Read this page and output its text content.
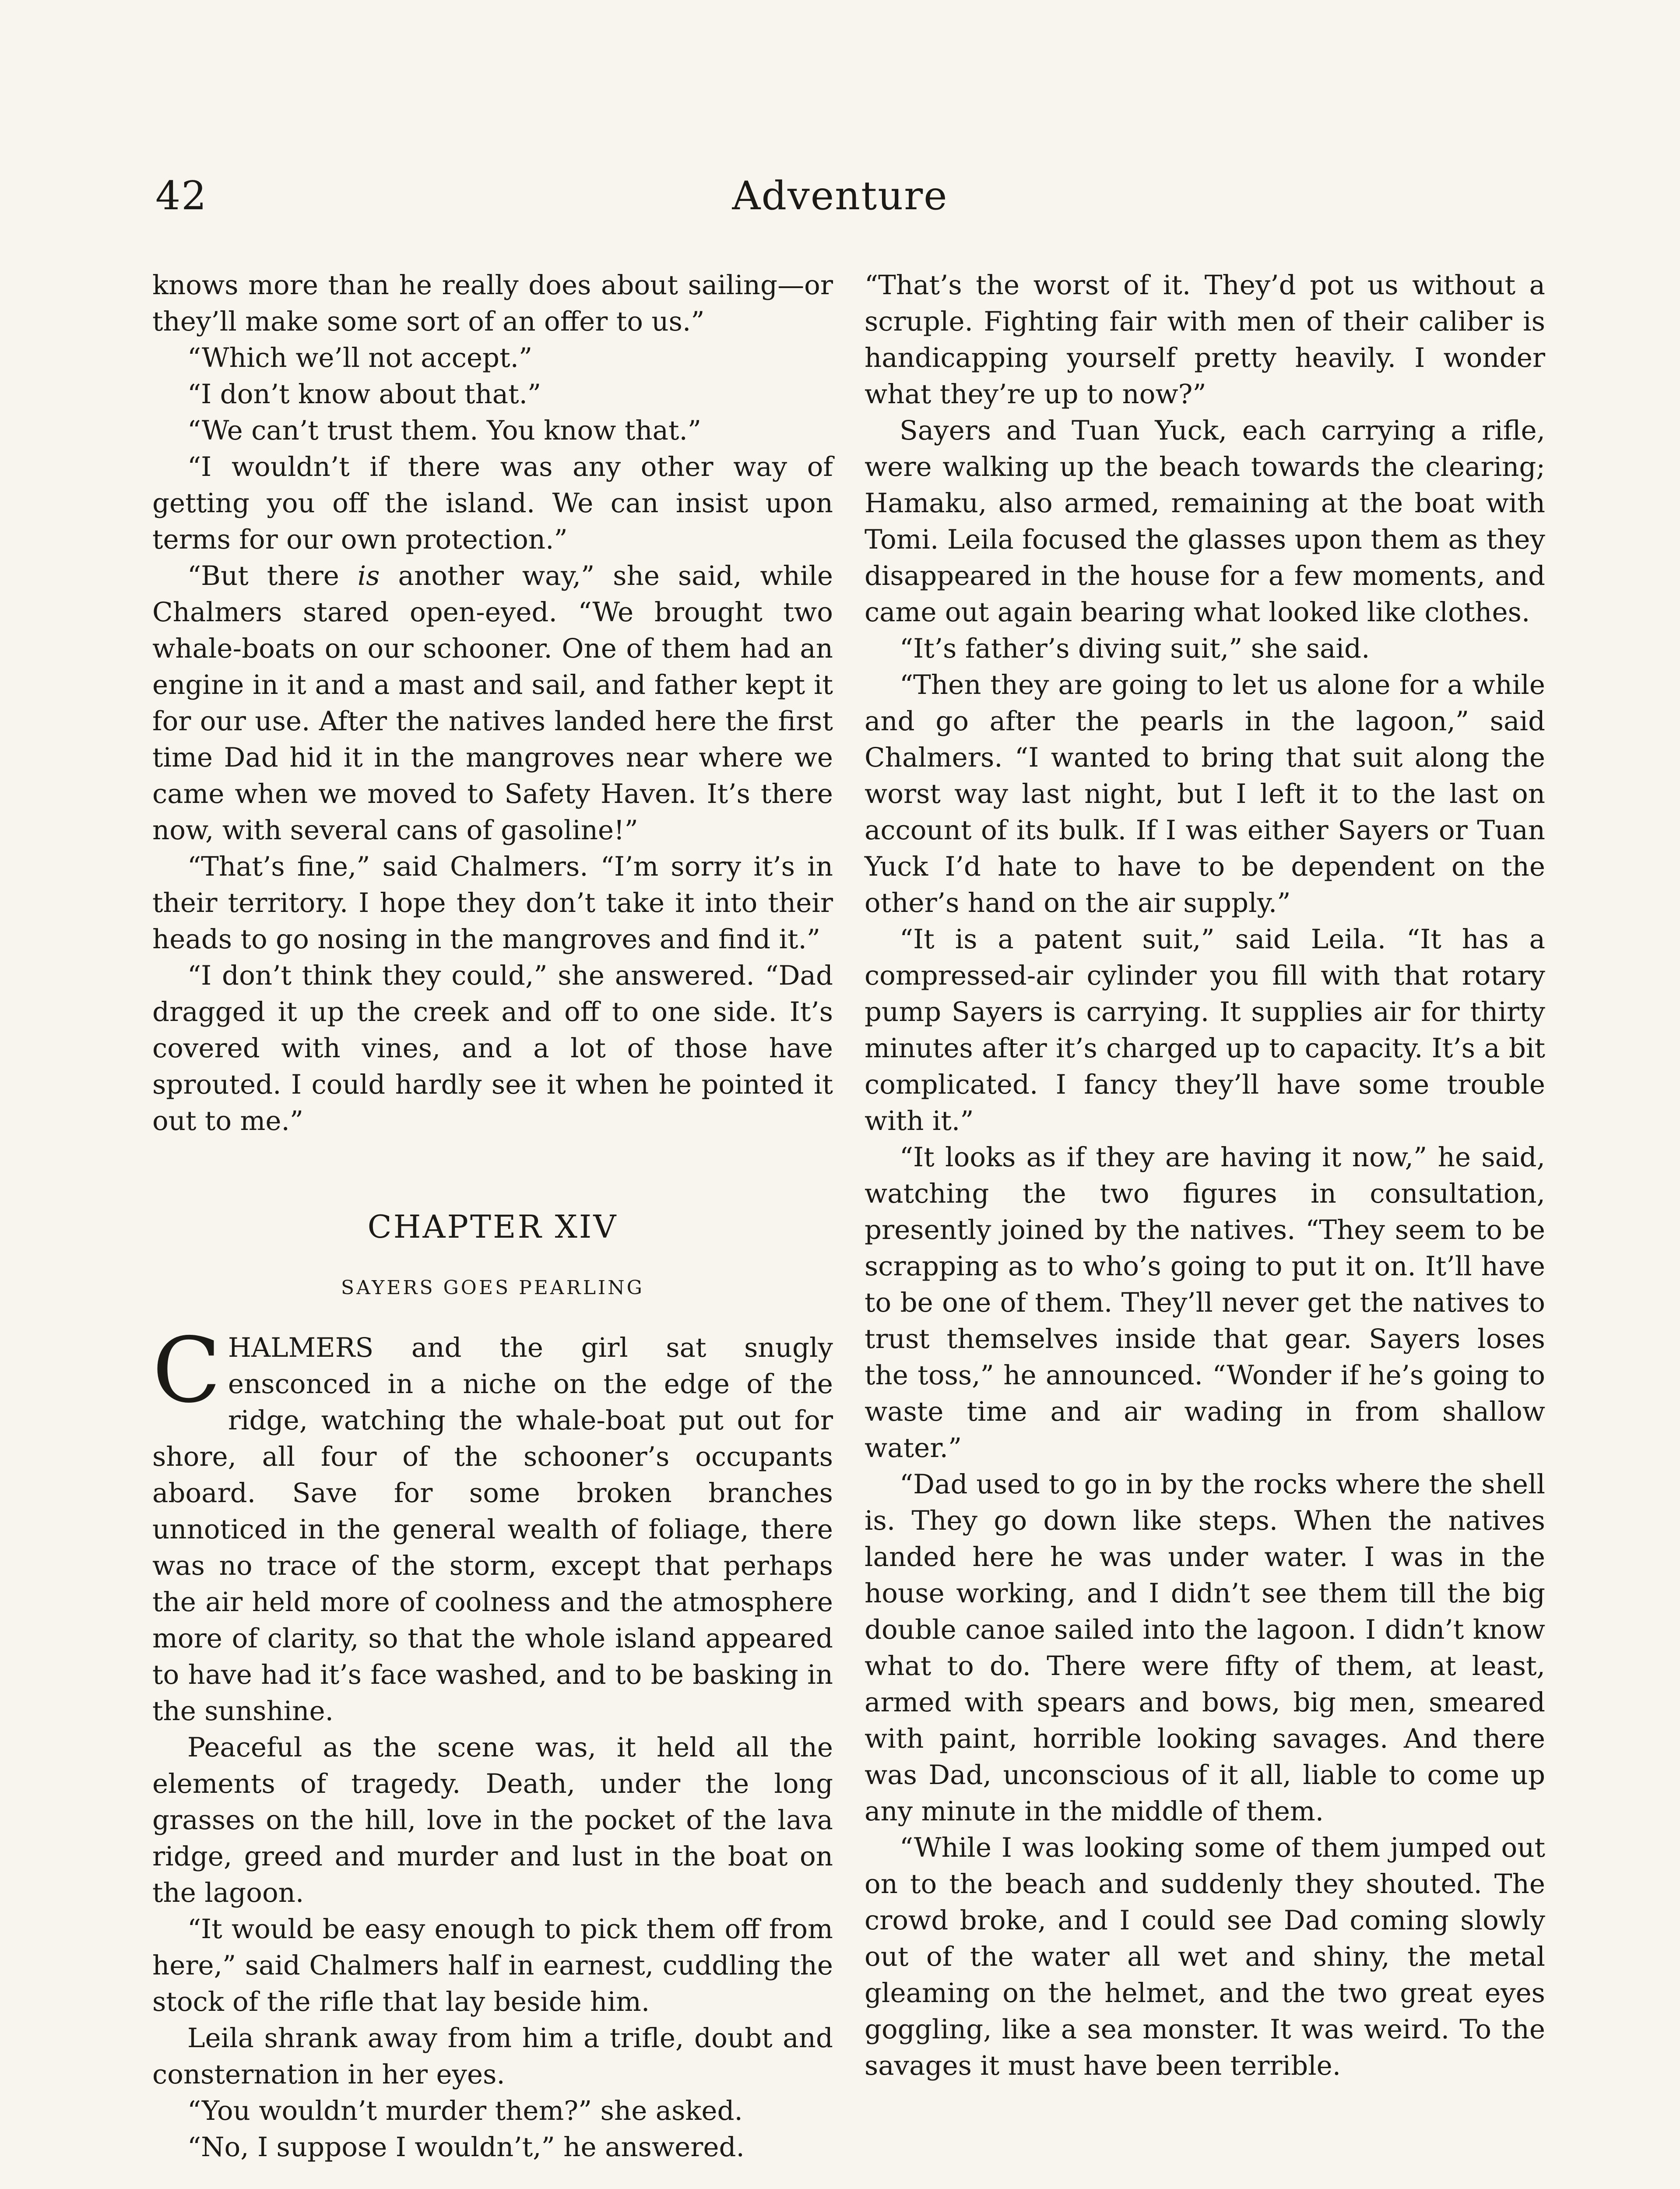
42	Adventure

knows more than he really does about sailing—or they’ll make some sort of an offer to us.”

“Which we’ll not accept.”

“I don’t know about that.”

“We can’t trust them. You know that.”

“I wouldn’t if there was any other way of getting you off the island. We can insist upon terms for our own protection.”

“But there is another way,” she said, while Chalmers stared open-eyed. “We brought two whale-boats on our schooner. One of them had an engine in it and a mast and sail, and father kept it for our use. After the natives landed here the first time Dad hid it in the mangroves near where we came when we moved to Safety Haven. It’s there now, with several cans of gasoline!”

“That’s fine,” said Chalmers. “I’m sorry it’s in their territory. I hope they don’t take it into their heads to go nosing in the mangroves and find it.”

“I don’t think they could,” she answered. “Dad dragged it up the creek and off to one side. It’s covered with vines, and a lot of those have sprouted. I could hardly see it when he pointed it out to me.”

CHAPTER XIV
SAYERS GOES PEARLING

CHALMERS and the girl sat snugly ensconced in a niche on the edge of the ridge, watching the whale-boat put out for shore, all four of the schooner’s occupants aboard. Save for some broken branches unnoticed in the general wealth of foliage, there was no trace of the storm, except that perhaps the air held more of coolness and the atmosphere more of clarity, so that the whole island appeared to have had it’s face washed, and to be basking in the sunshine.

Peaceful as the scene was, it held all the elements of tragedy. Death, under the long grasses on the hill, love in the pocket of the lava ridge, greed and murder and lust in the boat on the lagoon.

“It would be easy enough to pick them off from here,” said Chalmers half in earnest, cuddling the stock of the rifle that lay beside him.

Leila shrank away from him a trifle, doubt and consternation in her eyes.

“You wouldn’t murder them?” she asked.

“No, I suppose I wouldn’t,” he answered.

“That’s the worst of it. They’d pot us without a scruple. Fighting fair with men of their caliber is handicapping yourself pretty heavily. I wonder what they’re up to now?”

Sayers and Tuan Yuck, each carrying a rifle, were walking up the beach towards the clearing; Hamaku, also armed, remaining at the boat with Tomi. Leila focused the glasses upon them as they disappeared in the house for a few moments, and came out again bearing what looked like clothes.

“It’s father’s diving suit,” she said.

“Then they are going to let us alone for a while and go after the pearls in the lagoon,” said Chalmers. “I wanted to bring that suit along the worst way last night, but I left it to the last on account of its bulk. If I was either Sayers or Tuan Yuck I’d hate to have to be dependent on the other’s hand on the air supply.”

“It is a patent suit,” said Leila. “It has a compressed-air cylinder you fill with that rotary pump Sayers is carrying. It supplies air for thirty minutes after it’s charged up to capacity. It’s a bit complicated. I fancy they’ll have some trouble with it.”

“It looks as if they are having it now,” he said, watching the two figures in consultation, presently joined by the natives. “They seem to be scrapping as to who’s going to put it on. It’ll have to be one of them. They’ll never get the natives to trust themselves inside that gear. Sayers loses the toss,” he announced. “Wonder if he’s going to waste time and air wading in from shallow water.”

“Dad used to go in by the rocks where the shell is. They go down like steps. When the natives landed here he was under water. I was in the house working, and I didn’t see them till the big double canoe sailed into the lagoon. I didn’t know what to do. There were fifty of them, at least, armed with spears and bows, big men, smeared with paint, horrible looking savages. And there was Dad, unconscious of it all, liable to come up any minute in the middle of them.

“While I was looking some of them jumped out on to the beach and suddenly they shouted. The crowd broke, and I could see Dad coming slowly out of the water all wet and shiny, the metal gleaming on the helmet, and the two great eyes goggling, like a sea monster. It was weird. To the savages it must have been terrible.
